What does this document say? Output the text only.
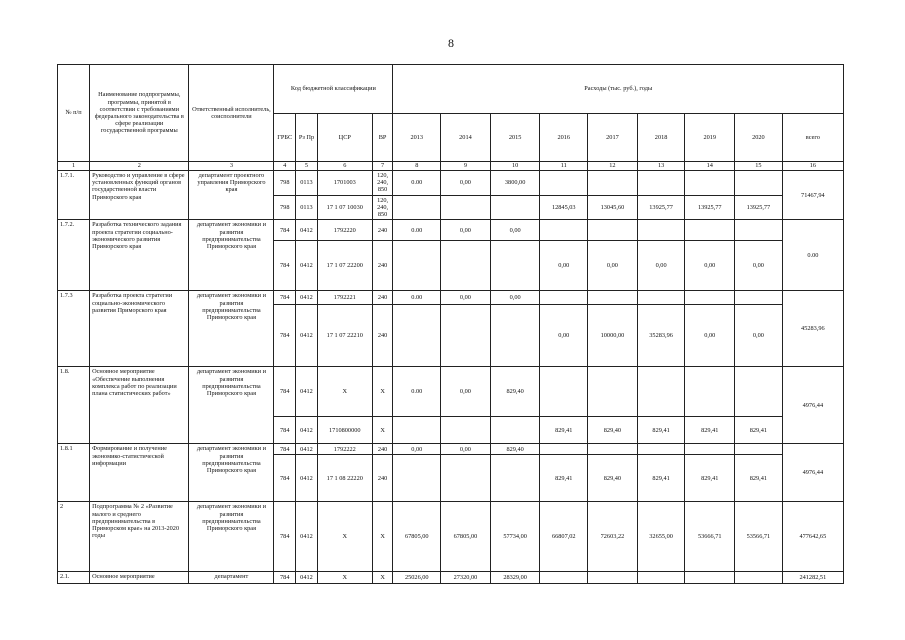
8
№ п/п	Наименование подпрограммы, программы, принятой в соответствии с требованиями федерального законодательства в сфере реализации государственной программы	Ответственный исполнитель, соисполнители	Код бюджетной классификации				Расходы (тыс. руб.), годы								
			ГРБС	Рз Пр	ЦСР	ВР	2013	2014	2015	2016	2017	2018	2019	2020	всего
1	2	3	4	5	6	7	8	9	10	11	12	13	14	15	16
1.7.1.	Руководство и управление в сфере установленных функций органов государственной власти Приморского края	департамент проектного управления Приморского края	798	0113	1701003	120, 240, 850	0.00	0,00	3800,00						71467,94
			798	0113	17 1 07 10030	120, 240, 850				12845,03	13045,60	13925,77	13925,77	13925,77	
1.7.2.	Разработка технического задания проекта стратегии социально-экономического развития Приморского края	департамент экономики и развития предпринимательства Приморского края	784	0412	1792220	240	0.00	0,00	0,00						0.00
			784	0412	17 1 07 22200	240				0,00	0,00	0,00	0,00	0,00	
1.7.3	Разработка проекта стратегии социально-экономического развития Приморского края	департамент экономики и развития предпринимательства Приморского края	784	0412	1792221	240	0.00	0,00	0,00						45283,96
			784	0412	17 1 07 22210	240				0,00	10000,00	35283,96	0,00	0,00	
1.8.	Основное мероприятие «Обеспечение выполнения комплекса работ по реализации плана статистических работ»	департамент экономики и развития предпринимательства Приморского края	784	0412	X	X	0.00	0,00	829,40						4976,44
			784	0412	1710800000	X				829,41	829,40	829,41	829,41	829,41	
1.8.1	Формирование и получение экономико-статистической информации	департамент экономики и развития предпринимательства Приморского края	784	0412	1792222	240	0,00	0,00	829,40						4976,44
			784	0412	17 1 08 22220	240				829,41	829,40	829,41	829,41	829,41	
2	Подпрограмма № 2 «Развитие малого и среднего предпринимательства в Приморском крае» на 2013-2020 годы	департамент экономики и развития предпринимательства Приморского края	784	0412	X	X	67805,00	67805,00	57734,00	66807,02	72603,22	32655,00	53666,71	53566,71	477642,65
2.1.	Основное мероприятие	департамент	784	0412	X	X	25026,00	27320,00	28329,00						241282,51
